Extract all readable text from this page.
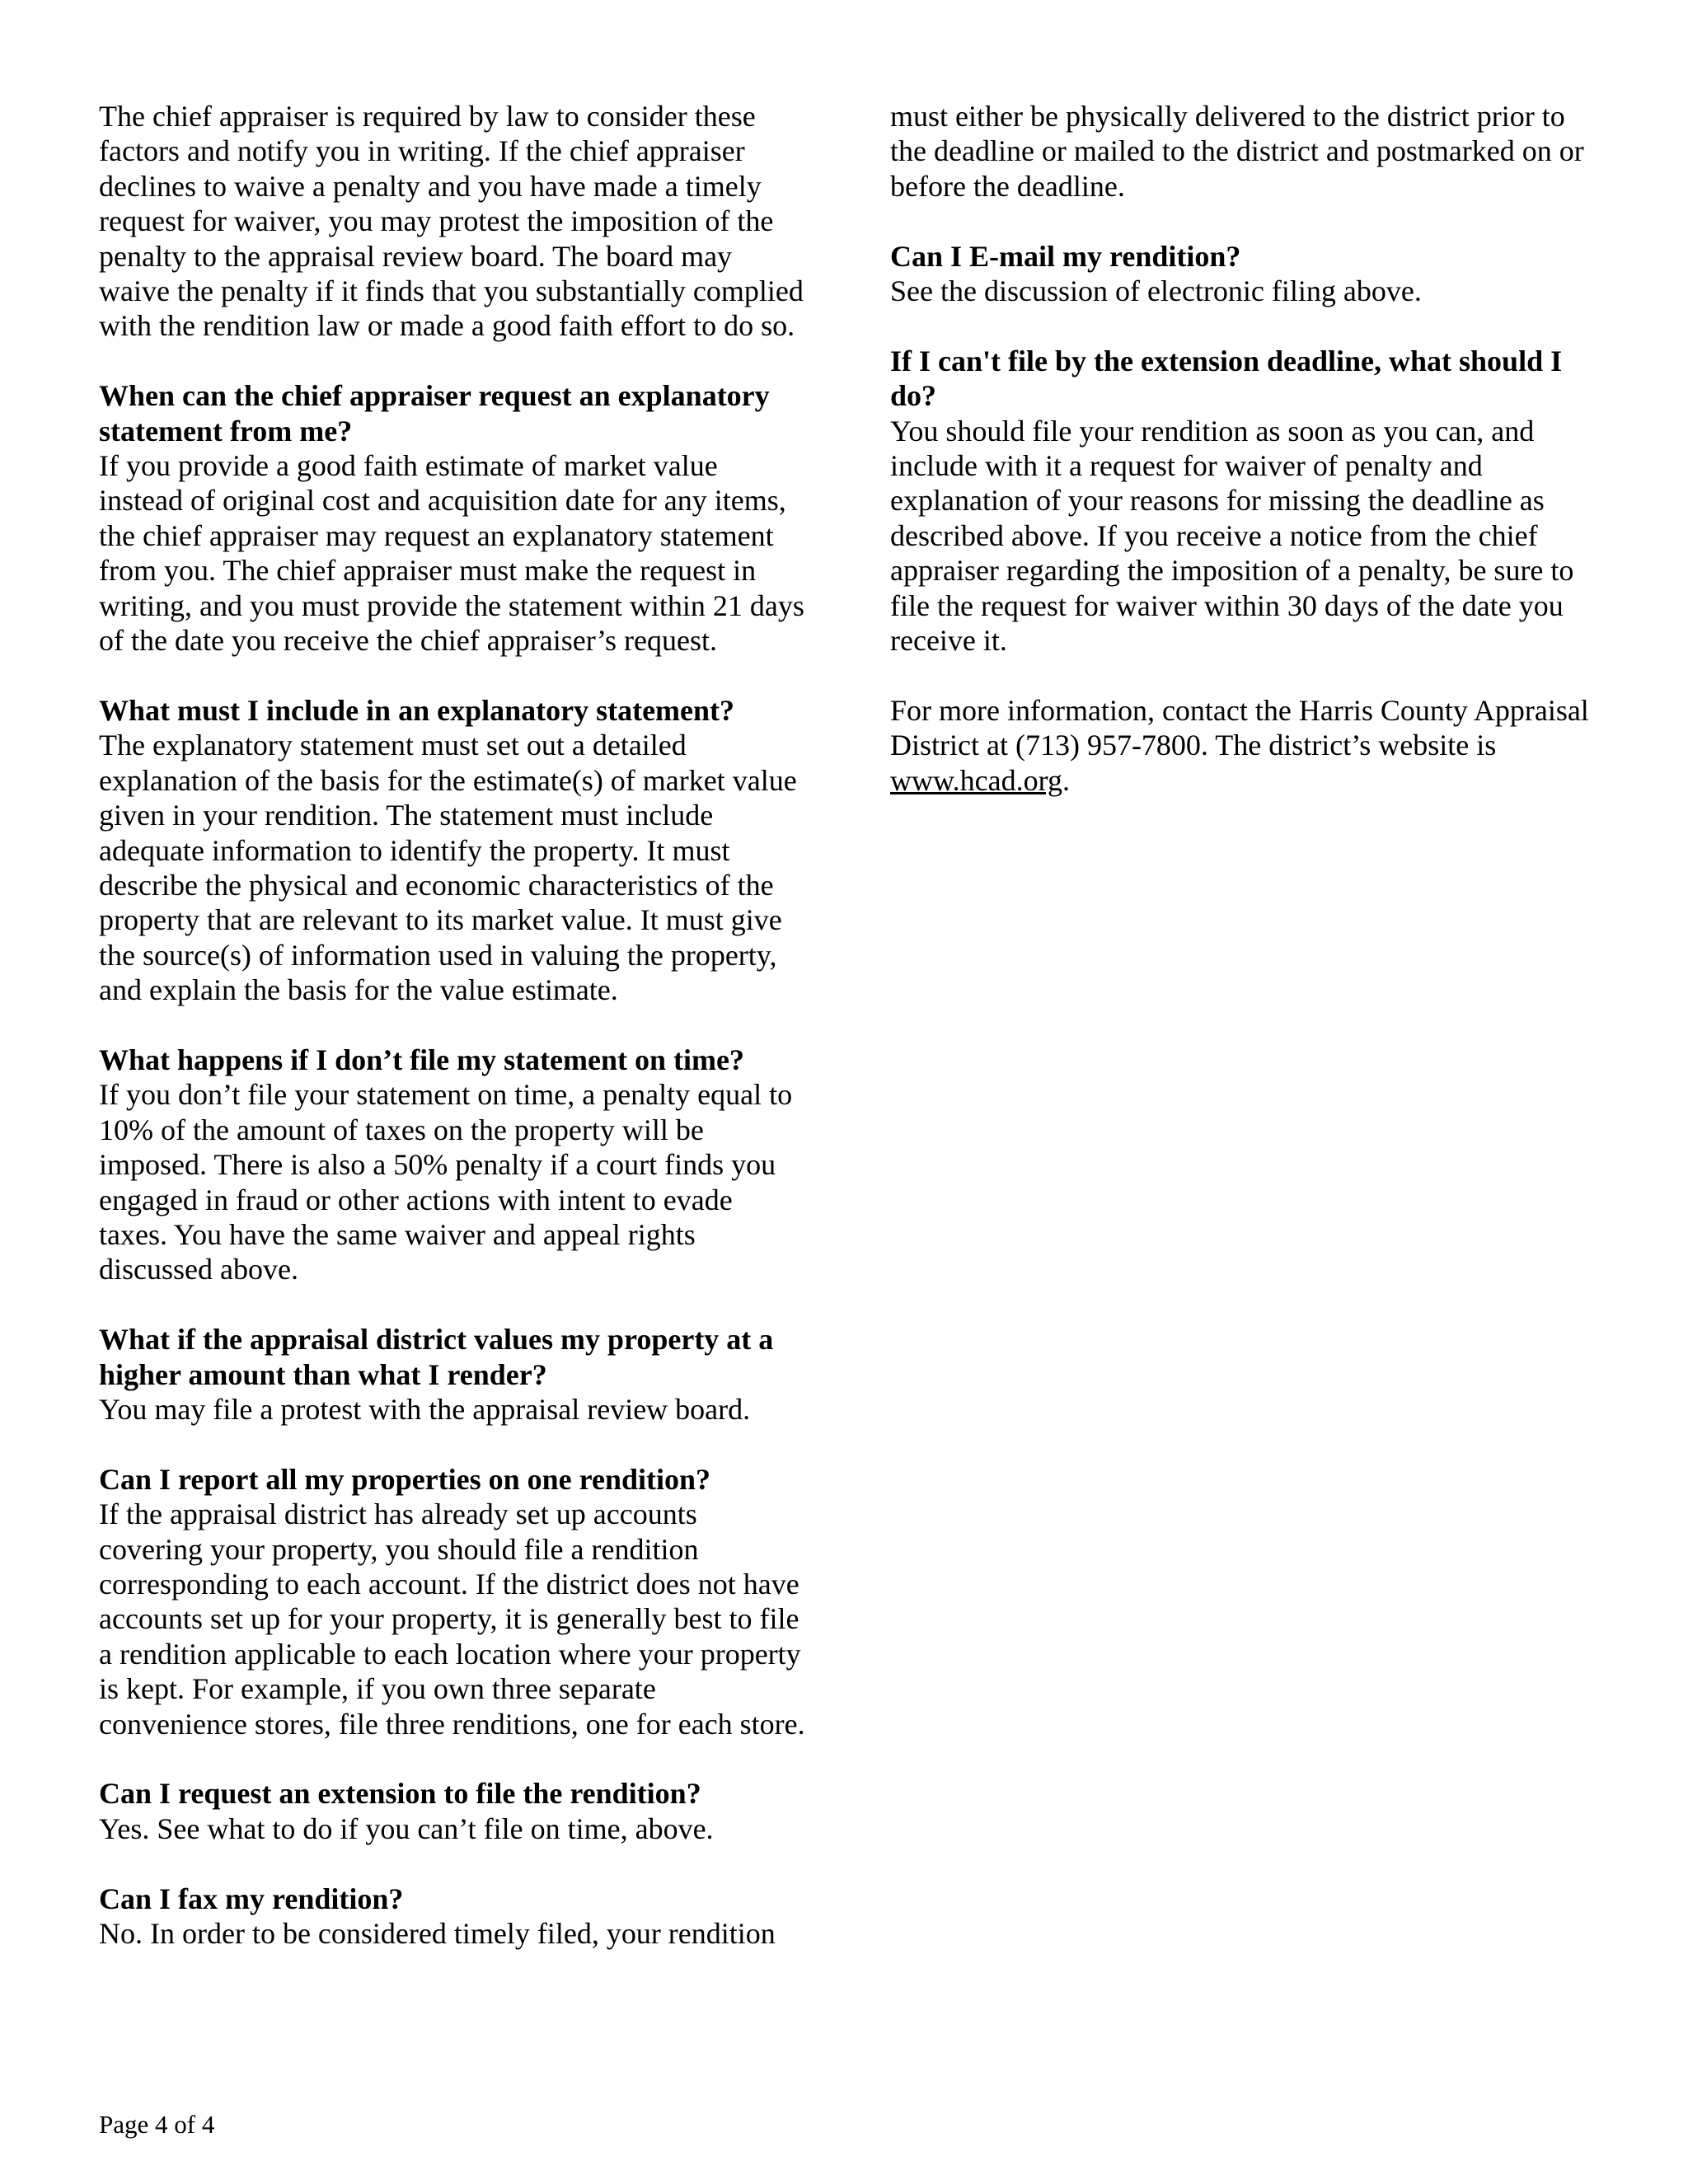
The chief appraiser is required by law to consider these factors and notify you in writing. If the chief appraiser declines to waive a penalty and you have made a timely request for waiver, you may protest the imposition of the penalty to the appraisal review board. The board may waive the penalty if it finds that you substantially complied with the rendition law or made a good faith effort to do so.

When can the chief appraiser request an explanatory statement from me?

If you provide a good faith estimate of market value instead of original cost and acquisition date for any items, the chief appraiser may request an explanatory statement from you. The chief appraiser must make the request in writing, and you must provide the statement within 21 days of the date you receive the chief appraiser’s request.

What must I include in an explanatory statement?

The explanatory statement must set out a detailed explanation of the basis for the estimate(s) of market value given in your rendition. The statement must include adequate information to identify the property. It must describe the physical and economic characteristics of the property that are relevant to its market value. It must give the source(s) of information used in valuing the property, and explain the basis for the value estimate.

What happens if I don’t file my statement on time?

If you don’t file your statement on time, a penalty equal to 10% of the amount of taxes on the property will be imposed. There is also a 50% penalty if a court finds you engaged in fraud or other actions with intent to evade taxes. You have the same waiver and appeal rights discussed above.

What if the appraisal district values my property at a higher amount than what I render?

You may file a protest with the appraisal review board.

Can I report all my properties on one rendition?

If the appraisal district has already set up accounts covering your property, you should file a rendition corresponding to each account. If the district does not have accounts set up for your property, it is generally best to file a rendition applicable to each location where your property is kept. For example, if you own three separate convenience stores, file three renditions, one for each store.

Can I request an extension to file the rendition?

Yes. See what to do if you can’t file on time, above.

Can I fax my rendition?

No. In order to be considered timely filed, your rendition

must either be physically delivered to the district prior to the deadline or mailed to the district and postmarked on or before the deadline.

Can I E-mail my rendition?

See the discussion of electronic filing above.

If I can't file by the extension deadline, what should I do?

You should file your rendition as soon as you can, and include with it a request for waiver of penalty and explanation of your reasons for missing the deadline as described above. If you receive a notice from the chief appraiser regarding the imposition of a penalty, be sure to file the request for waiver within 30 days of the date you receive it.

For more information, contact the Harris County Appraisal District at (713) 957-7800. The district’s website is www.hcad.org.

Page 4 of 4
